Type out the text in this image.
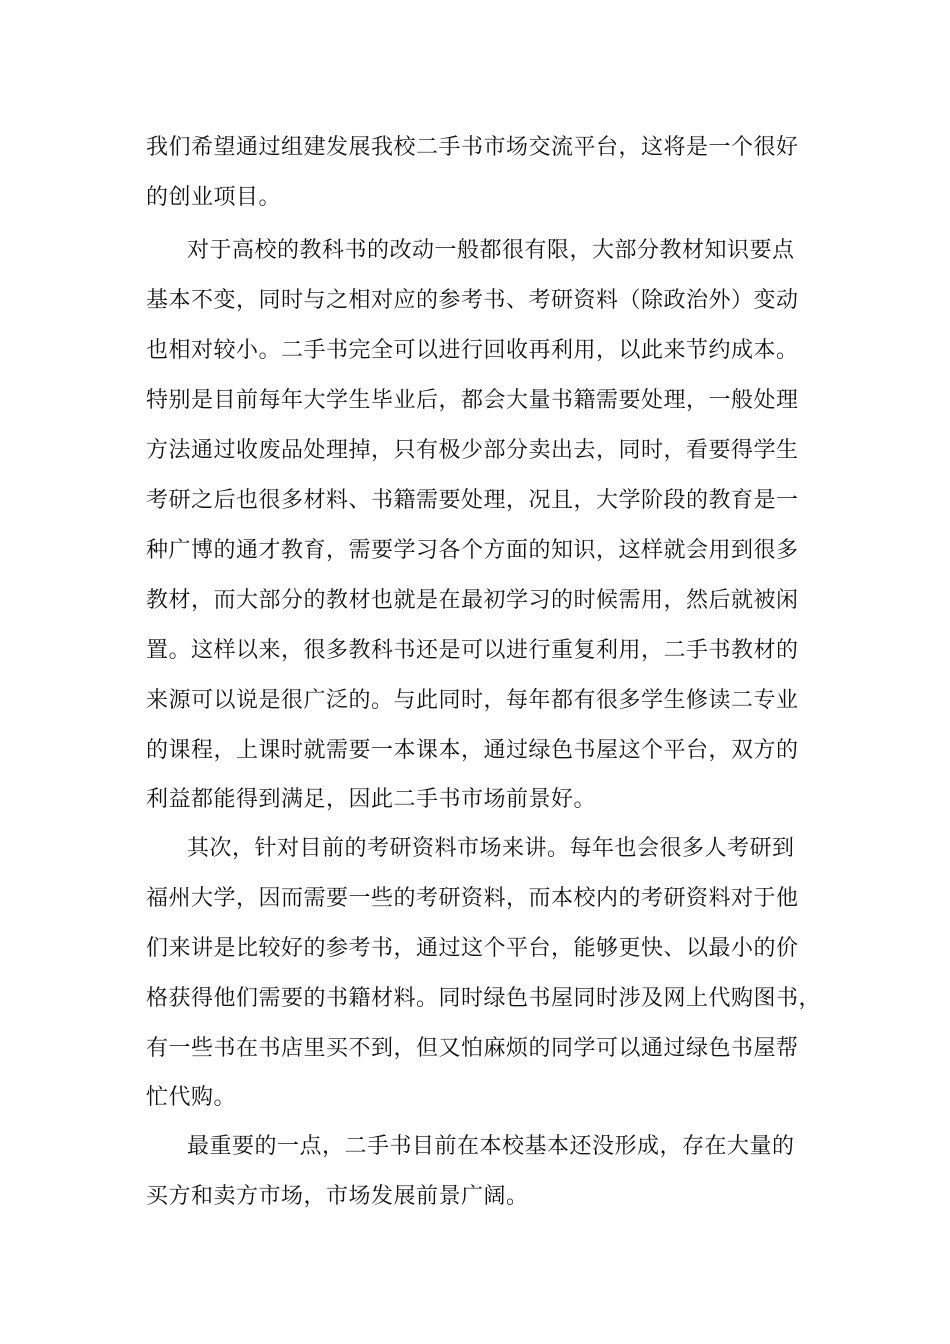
我们希望通过组建发展我校二手书市场交流平台，这将是一个很好
的创业项目。
对于高校的教科书的改动一般都很有限，大部分教材知识要点
基本不变，同时与之相对应的参考书、考研资料（除政治外）变动
也相对较小。二手书完全可以进行回收再利用，以此来节约成本。
特别是目前每年大学生毕业后，都会大量书籍需要处理，一般处理
方法通过收废品处理掉，只有极少部分卖出去，同时，看要得学生
考研之后也很多材料、书籍需要处理，况且，大学阶段的教育是一
种广博的通才教育，需要学习各个方面的知识，这样就会用到很多
教材，而大部分的教材也就是在最初学习的时候需用，然后就被闲
置。这样以来，很多教科书还是可以进行重复利用，二手书教材的
来源可以说是很广泛的。与此同时，每年都有很多学生修读二专业
的课程，上课时就需要一本课本，通过绿色书屋这个平台，双方的
利益都能得到满足，因此二手书市场前景好。
其次，针对目前的考研资料市场来讲。每年也会很多人考研到
福州大学，因而需要一些的考研资料，而本校内的考研资料对于他
们来讲是比较好的参考书，通过这个平台，能够更快、以最小的价
格获得他们需要的书籍材料。同时绿色书屋同时涉及网上代购图书，
有一些书在书店里买不到，但又怕麻烦的同学可以通过绿色书屋帮
忙代购。
最重要的一点，二手书目前在本校基本还没形成，存在大量的
买方和卖方市场，市场发展前景广阔。
